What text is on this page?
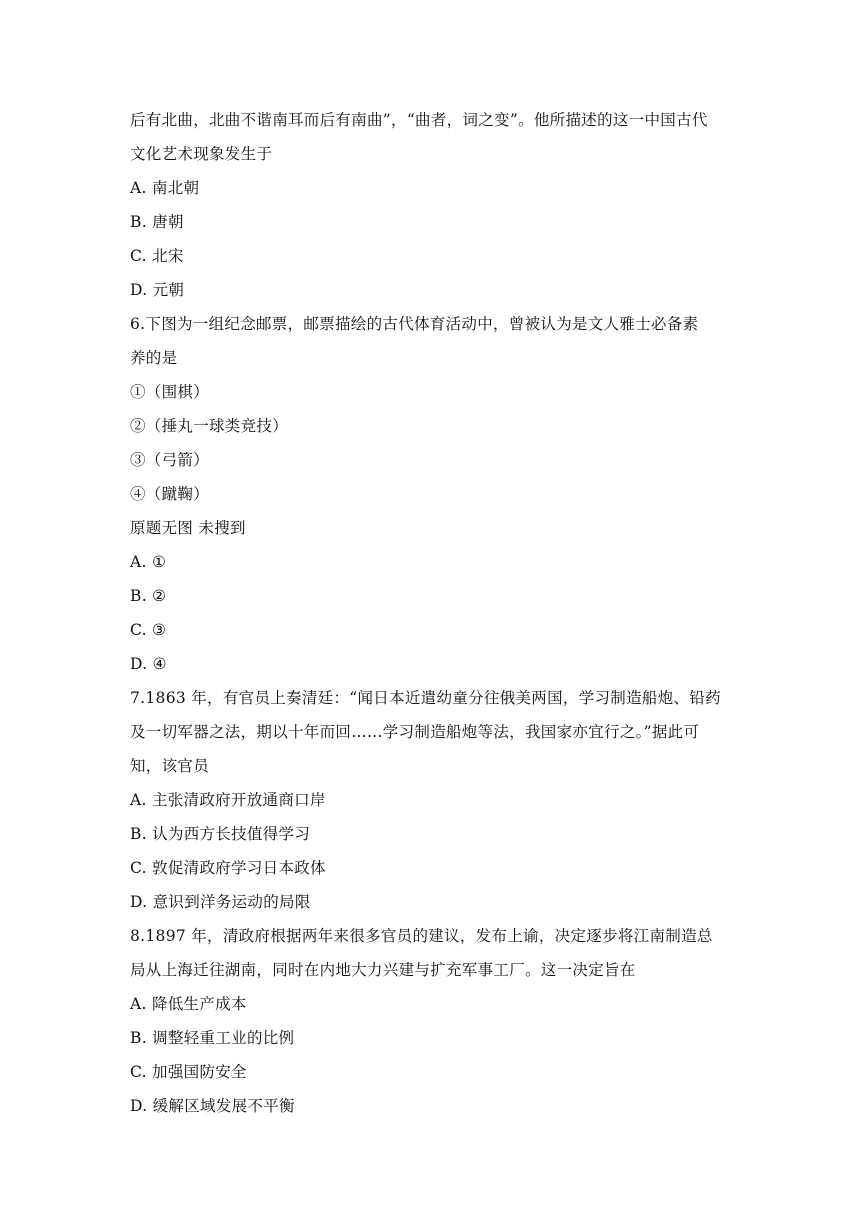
后有北曲，北曲不谐南耳而后有南曲”，“曲者，词之变”。他所描述的这一中国古代
文化艺术现象发生于
A. 南北朝
B. 唐朝
C. 北宋
D. 元朝
6.下图为一组纪念邮票，邮票描绘的古代体育活动中，曾被认为是文人雅士必备素
养的是
①（围棋）
②（捶丸一球类竞技）
③（弓箭）
④（蹴鞠）
原题无图 未搜到
A. ①
B. ②
C. ③
D. ④
7.1863 年，有官员上奏清廷：“闻日本近遣幼童分往俄美两国，学习制造船炮、铅药
及一切军器之法，期以十年而回……学习制造船炮等法，我国家亦宜行之。”据此可
知，该官员
A. 主张清政府开放通商口岸
B. 认为西方长技值得学习
C. 敦促清政府学习日本政体
D. 意识到洋务运动的局限
8.1897 年，清政府根据两年来很多官员的建议，发布上谕，决定逐步将江南制造总
局从上海迁往湖南，同时在内地大力兴建与扩充军事工厂。这一决定旨在
A. 降低生产成本
B. 调整轻重工业的比例
C. 加强国防安全
D. 缓解区域发展不平衡
